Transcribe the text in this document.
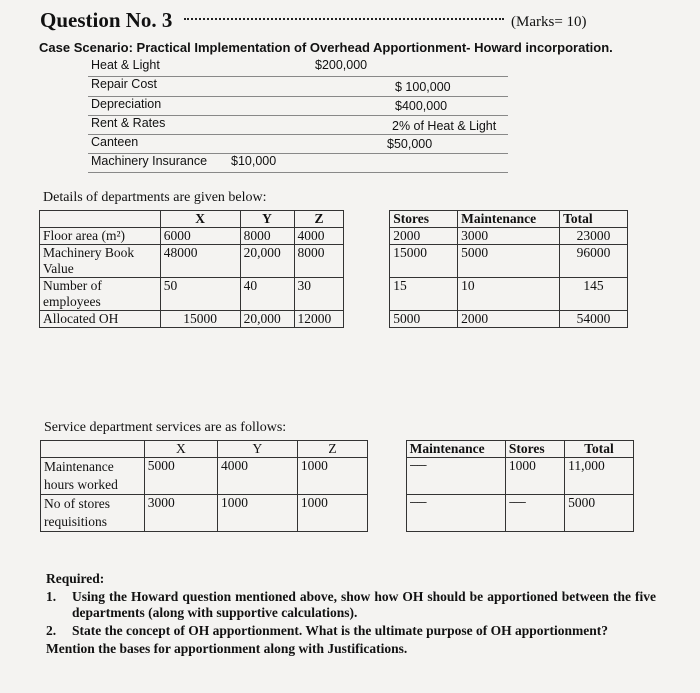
Question No. 3	(Marks= 10)
Case Scenario: Practical Implementation of Overhead Apportionment- Howard incorporation.
Heat & Light	$200,000
Repair Cost	$ 100,000
Depreciation	$400,000
Rent & Rates	2% of Heat & Light
Canteen	$50,000
Machinery Insurance $10,000
Details of departments are given below:
	X	Y	Z		Stores	Maintenance	Total
Floor area (m²)	6000	8000	4000		2000	3000	23000
Machinery Book Value	48000	20,000	8000		15000	5000	96000
Number of employees	50	40	30		15	10	145
Allocated OH	15000	20,000	12000		5000	2000	54000
Service department services are as follows:
	X	Y	Z		Maintenance	Stores	Total
Maintenance hours worked	5000	4000	1000		-------	1000	11,000
No of stores requisitions	3000	1000	1000		-------	-------	5000
Required:
1.	Using the Howard question mentioned above, show how OH should be apportioned between the five departments (along with supportive calculations).
2.	State the concept of OH apportionment. What is the ultimate purpose of OH apportionment?
Mention the bases for apportionment along with Justifications.
